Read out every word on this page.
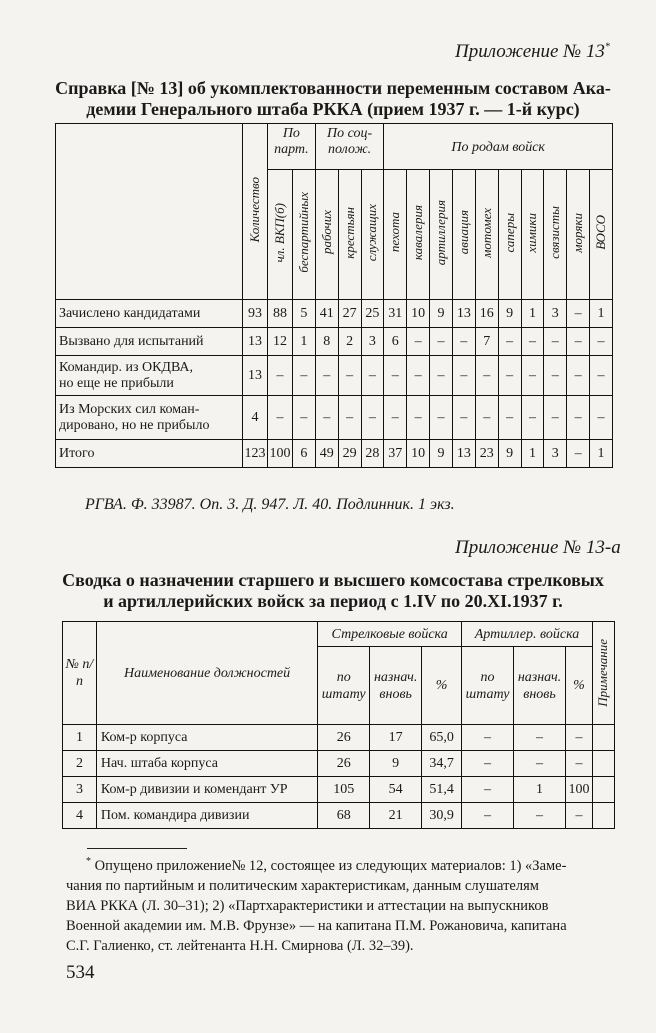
Приложение № 13*
Справка [№ 13] об укомплектованности переменным составом Ака-
демии Генерального штаба РККА (прием 1937 г. — 1-й курс)

	Количество	По парт.		По соц- полож.			По родам войск									

		чл. ВКП(б)	беспартийных	рабочих	крестьян	служащих	пехота	кавалерия	артиллерия	авиация	мотомех	саперы	химики	связисты	моряки	ВОСО

Зачислено кандидатами	93	88	5	41	27	25	31	10	9	13	16	9	1	3	–	1

Вызвано для испытаний	13	12	1	8	2	3	6	–	–	–	7	–	–	–	–	–

Командир. из ОКДВА,
но еще не прибыли	13	–	–	–	–	–	–	–	–	–	–	–	–	–	–	–

Из Морских сил коман-
дировано, но не прибыло	4	–	–	–	–	–	–	–	–	–	–	–	–	–	–	–

Итого	123	100	6	49	29	28	37	10	9	13	23	9	1	3	–	1
РГВА. Ф. 33987. Оп. 3. Д. 947. Л. 40. Подлинник. 1 экз.
Приложение № 13-а
Сводка о назначении старшего и высшего комсостава стрелковых
и артиллерийских войск за период с 1.IV по 20.XI.1937 г.
№ п/п	Наименование должностей	Стрелковые войска			Артиллер. войска			Примечание

		по штату	назнач. вновь	%	по штату	назнач. вновь	%	
1	Ком-р корпуса	26	17	65,0	–	–	–	
2	Нач. штаба корпуса	26	9	34,7	–	–	–	
3	Ком-р дивизии и комендант УР	105	54	51,4	–	1	100	
4	Пом. командира дивизии	68	21	30,9	–	–	–	
* Опущено приложение№ 12, состоящее из следующих материалов: 1) «Заме-
чания по партийным и политическим характеристикам, данным слушателям
ВИА РККА (Л. 30–31); 2) «Партхарактеристики и аттестации на выпускников
Военной академии им. М.В. Фрунзе» — на капитана П.М. Рожановича, капитана
С.Г. Галиенко, ст. лейтенанта Н.Н. Смирнова (Л. 32–39).
534
